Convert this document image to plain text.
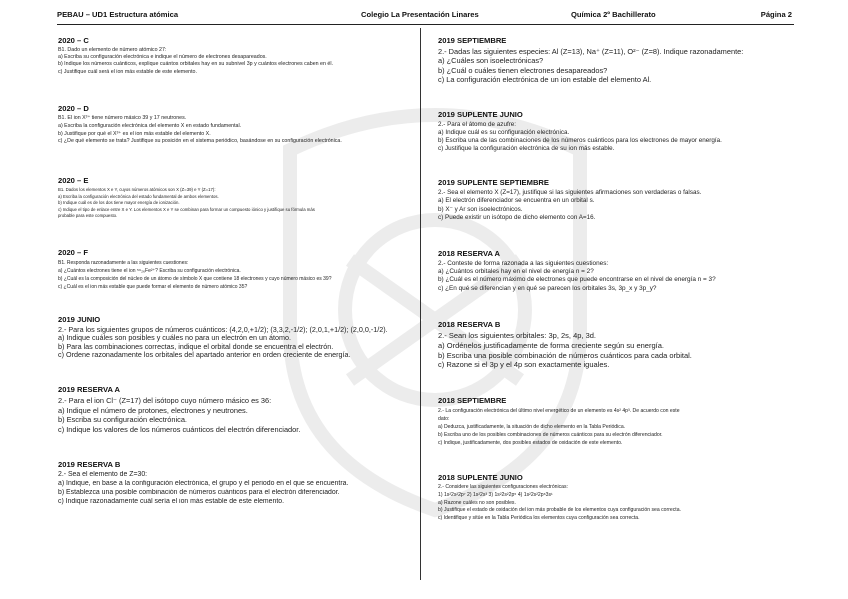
PEBAU – UD1 Estructura atómica	Colegio La Presentación Linares	Química 2º Bachillerato	Página 2
2020 – C
B1. Dado un elemento de número atómico 27:
a) Escriba su configuración electrónica e indique el número de electrones desapareados.
b) Indique los números cuánticos, explique cuántos orbitales hay en su subnivel 3p y cuántos electrones caben en él.
c) Justifique cuál será el ion más estable de este elemento.
2020 – D
B1. El ion X³⁺ tiene número másico 39 y 17 neutrones.
a) Escriba la configuración electrónica del elemento X en estado fundamental.
b) Justifique por qué el X³⁺ es el ion más estable del elemento X.
c) ¿De qué elemento se trata? Justifique su posición en el sistema periódico, basándose en su configuración electrónica.
2020 – E
B1. Dados los elementos X e Y, cuyos números atómicos son X (Z=39) e Y (Z=17):
a) Escriba la configuración electrónica del estado fundamental de ambos elementos.
b) Indique cuál es de los dos tiene mayor energía de ionización.
c) Indique el tipo de enlace entre X e Y. Los elementos X e Y se combinan para formar un compuesto iónico y justifique su fórmula más
probable para este compuesto.
2020 – F
B1. Responda razonadamente a las siguientes cuestiones:
a) ¿Cuántos electrones tiene el ion ⁵⁶₂₆Fe²⁺? Escriba su configuración electrónica.
b) ¿Cuál es la composición del núcleo de un átomo de símbolo X que contiene 18 electrones y cuyo número másico es 39?
c) ¿Cuál es el ion más estable que puede formar el elemento de número atómico 35?
2019 JUNIO
2.- Para los siguientes grupos de números cuánticos: (4,2,0,+1/2); (3,3,2,-1/2); (2,0,1,+1/2); (2,0,0,-1/2).
a) Indique cuáles son posibles y cuáles no para un electrón en un átomo.
b) Para las combinaciones correctas, indique el orbital donde se encuentra el electrón.
c) Ordene razonadamente los orbitales del apartado anterior en orden creciente de energía.
2019 RESERVA A
2.- Para el ion Cl⁻ (Z=17) del isótopo cuyo número másico es 36:
a) Indique el número de protones, electrones y neutrones.
b) Escriba su configuración electrónica.
c) Indique los valores de los números cuánticos del electrón diferenciador.
2019 RESERVA B
2.- Sea el elemento de Z=30:
a) Indique, en base a la configuración electrónica, el grupo y el periodo en el que se encuentra.
b) Establezca una posible combinación de números cuánticos para el electrón diferenciador.
c) Indique razonadamente cuál sería el ion más estable de este elemento.
2019 SEPTIEMBRE
2.- Dadas las siguientes especies: Al (Z=13), Na⁺ (Z=11), O²⁻ (Z=8). Indique razonadamente:
a) ¿Cuáles son isoelectrónicas?
b) ¿Cuál o cuáles tienen electrones desapareados?
c) La configuración electrónica de un ion estable del elemento Al.
2019 SUPLENTE JUNIO
2.- Para el átomo de azufre:
a) Indique cuál es su configuración electrónica.
b) Escriba una de las combinaciones de los números cuánticos para los electrones de mayor energía.
c) Justifique la configuración electrónica de su ion más estable.
2019 SUPLENTE SEPTIEMBRE
2.- Sea el elemento X (Z=17), justifique si las siguientes afirmaciones son verdaderas o falsas.
a) El electrón diferenciador se encuentra en un orbital s.
b) X⁻ y Ar son isoelectrónicos.
c) Puede existir un isótopo de dicho elemento con A=16.
2018 RESERVA A
2.- Conteste de forma razonada a las siguientes cuestiones:
a) ¿Cuántos orbitales hay en el nivel de energía n = 2?
b) ¿Cuál es el número máximo de electrones que puede encontrarse en el nivel de energía n = 3?
c) ¿En qué se diferencian y en qué se parecen los orbitales 3s, 3p_x y 3p_y?
2018 RESERVA B
2.- Sean los siguientes orbitales: 3p, 2s, 4p, 3d.
a) Ordénelos justificadamente de forma creciente según su energía.
b) Escriba una posible combinación de números cuánticos para cada orbital.
c) Razone si el 3p y el 4p son exactamente iguales.
2018 SEPTIEMBRE
2.- La configuración electrónica del último nivel energético de un elemento es 4s² 4p³. De acuerdo con este
dato:
a) Deduzca, justificadamente, la situación de dicho elemento en la Tabla Periódica.
b) Escriba uno de los posibles combinaciones de números cuánticos para su electrón diferenciador.
c) Indique, justificadamente, dos posibles estados de oxidación de este elemento.
2018 SUPLENTE JUNIO
2.- Considere las siguientes configuraciones electrónicas:
1) 1s²2s²2p⁷ 2) 1s²2s³ 3) 1s²2s²2p⁵ 4) 1s²2s²2p⁶3s¹
a) Razone cuáles no son posibles.
b) Justifique el estado de oxidación del ion más probable de los elementos cuya configuración sea correcta.
c) Identifique y sitúe en la Tabla Periódica los elementos cuya configuración sea correcta.
